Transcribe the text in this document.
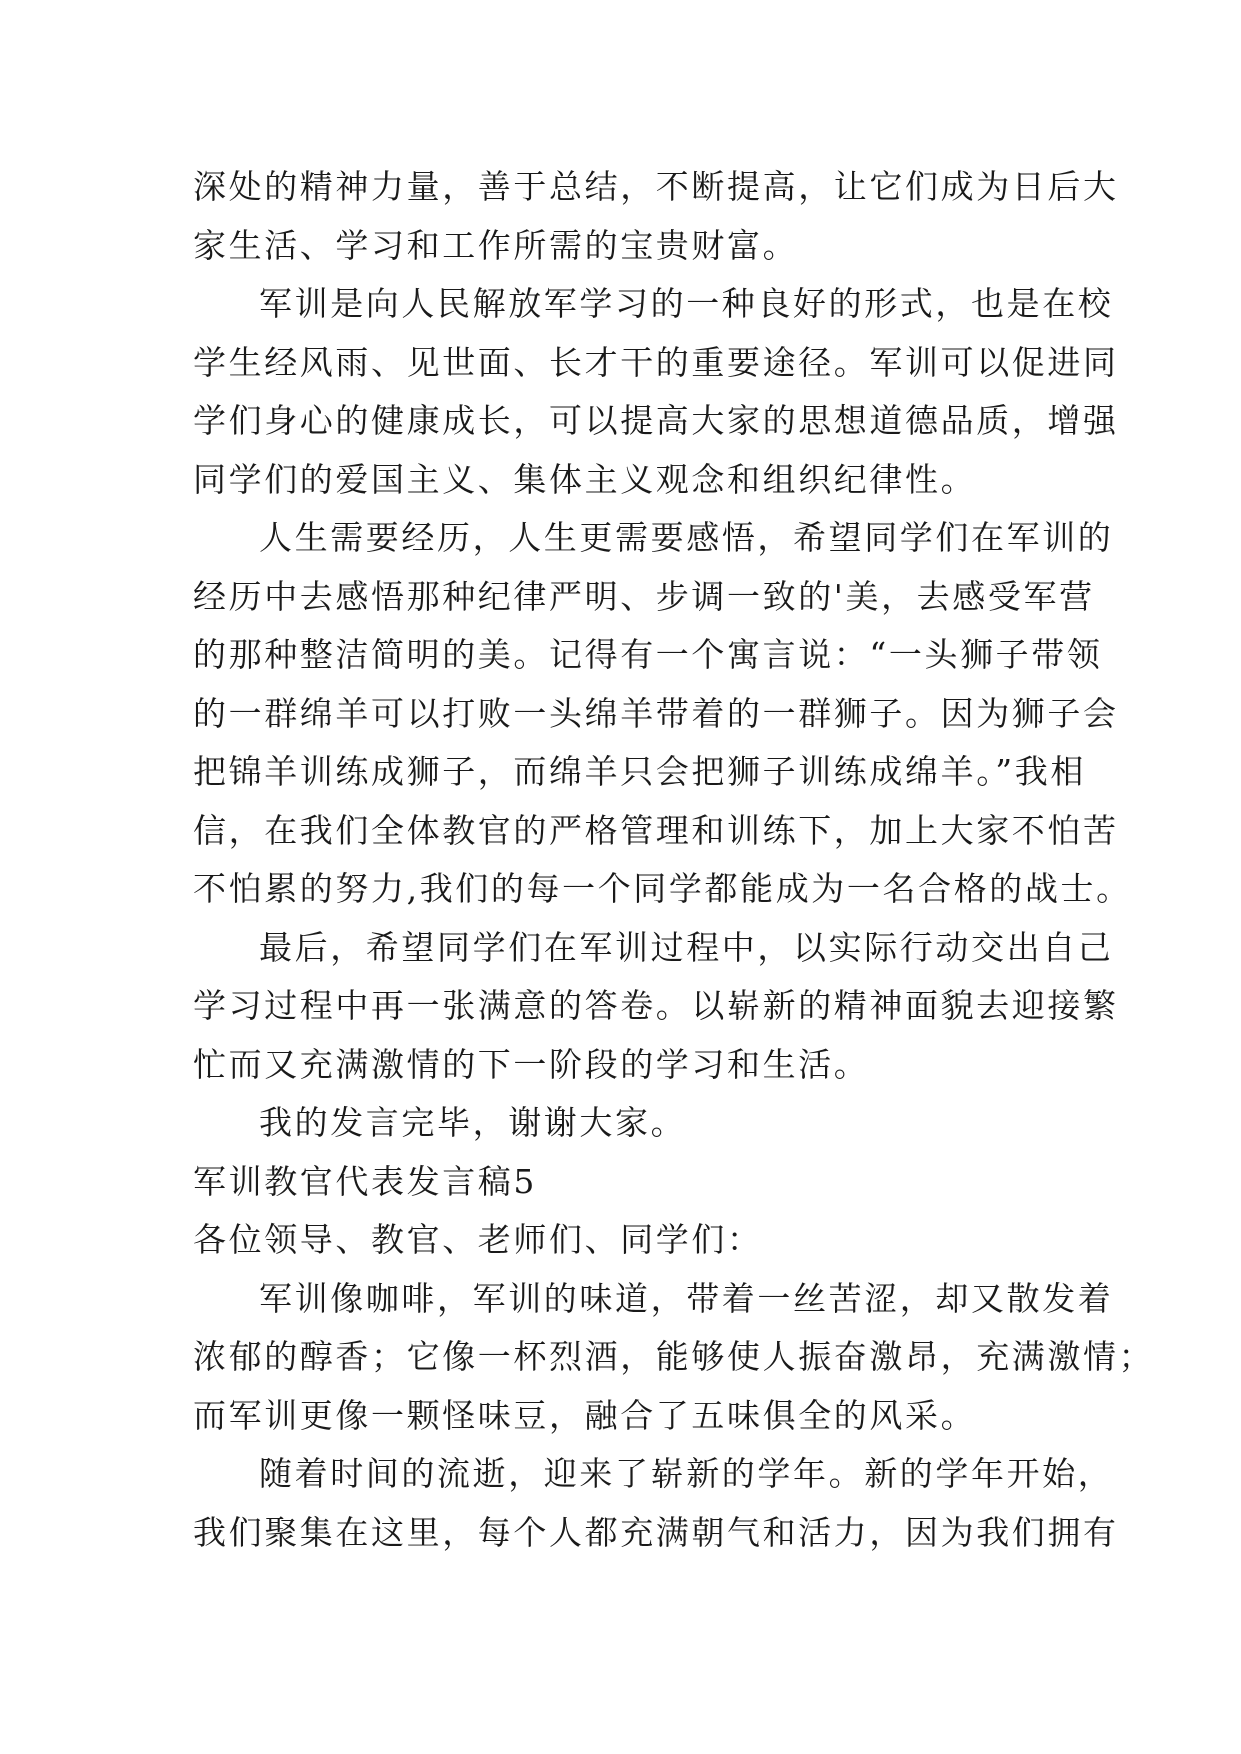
深处的精神力量，善于总结，不断提高，让它们成为日后大
家生活、学习和工作所需的宝贵财富。
军训是向人民解放军学习的一种良好的形式，也是在校
学生经风雨、见世面、长才干的重要途径。军训可以促进同
学们身心的健康成长，可以提高大家的思想道德品质，增强
同学们的爱国主义、集体主义观念和组织纪律性。
人生需要经历，人生更需要感悟，希望同学们在军训的
经历中去感悟那种纪律严明、步调一致的'美，去感受军营
的那种整洁简明的美。记得有一个寓言说：“一头狮子带领
的一群绵羊可以打败一头绵羊带着的一群狮子。因为狮子会
把锦羊训练成狮子，而绵羊只会把狮子训练成绵羊。”我相
信，在我们全体教官的严格管理和训练下，加上大家不怕苦
不怕累的努力,我们的每一个同学都能成为一名合格的战士。
最后，希望同学们在军训过程中，以实际行动交出自己
学习过程中再一张满意的答卷。以崭新的精神面貌去迎接繁
忙而又充满激情的下一阶段的学习和生活。
我的发言完毕，谢谢大家。
军训教官代表发言稿5
各位领导、教官、老师们、同学们：
军训像咖啡，军训的味道，带着一丝苦涩，却又散发着
浓郁的醇香；它像一杯烈酒，能够使人振奋激昂，充满激情；
而军训更像一颗怪味豆，融合了五味俱全的风采。
随着时间的流逝，迎来了崭新的学年。新的学年开始，
我们聚集在这里，每个人都充满朝气和活力，因为我们拥有
